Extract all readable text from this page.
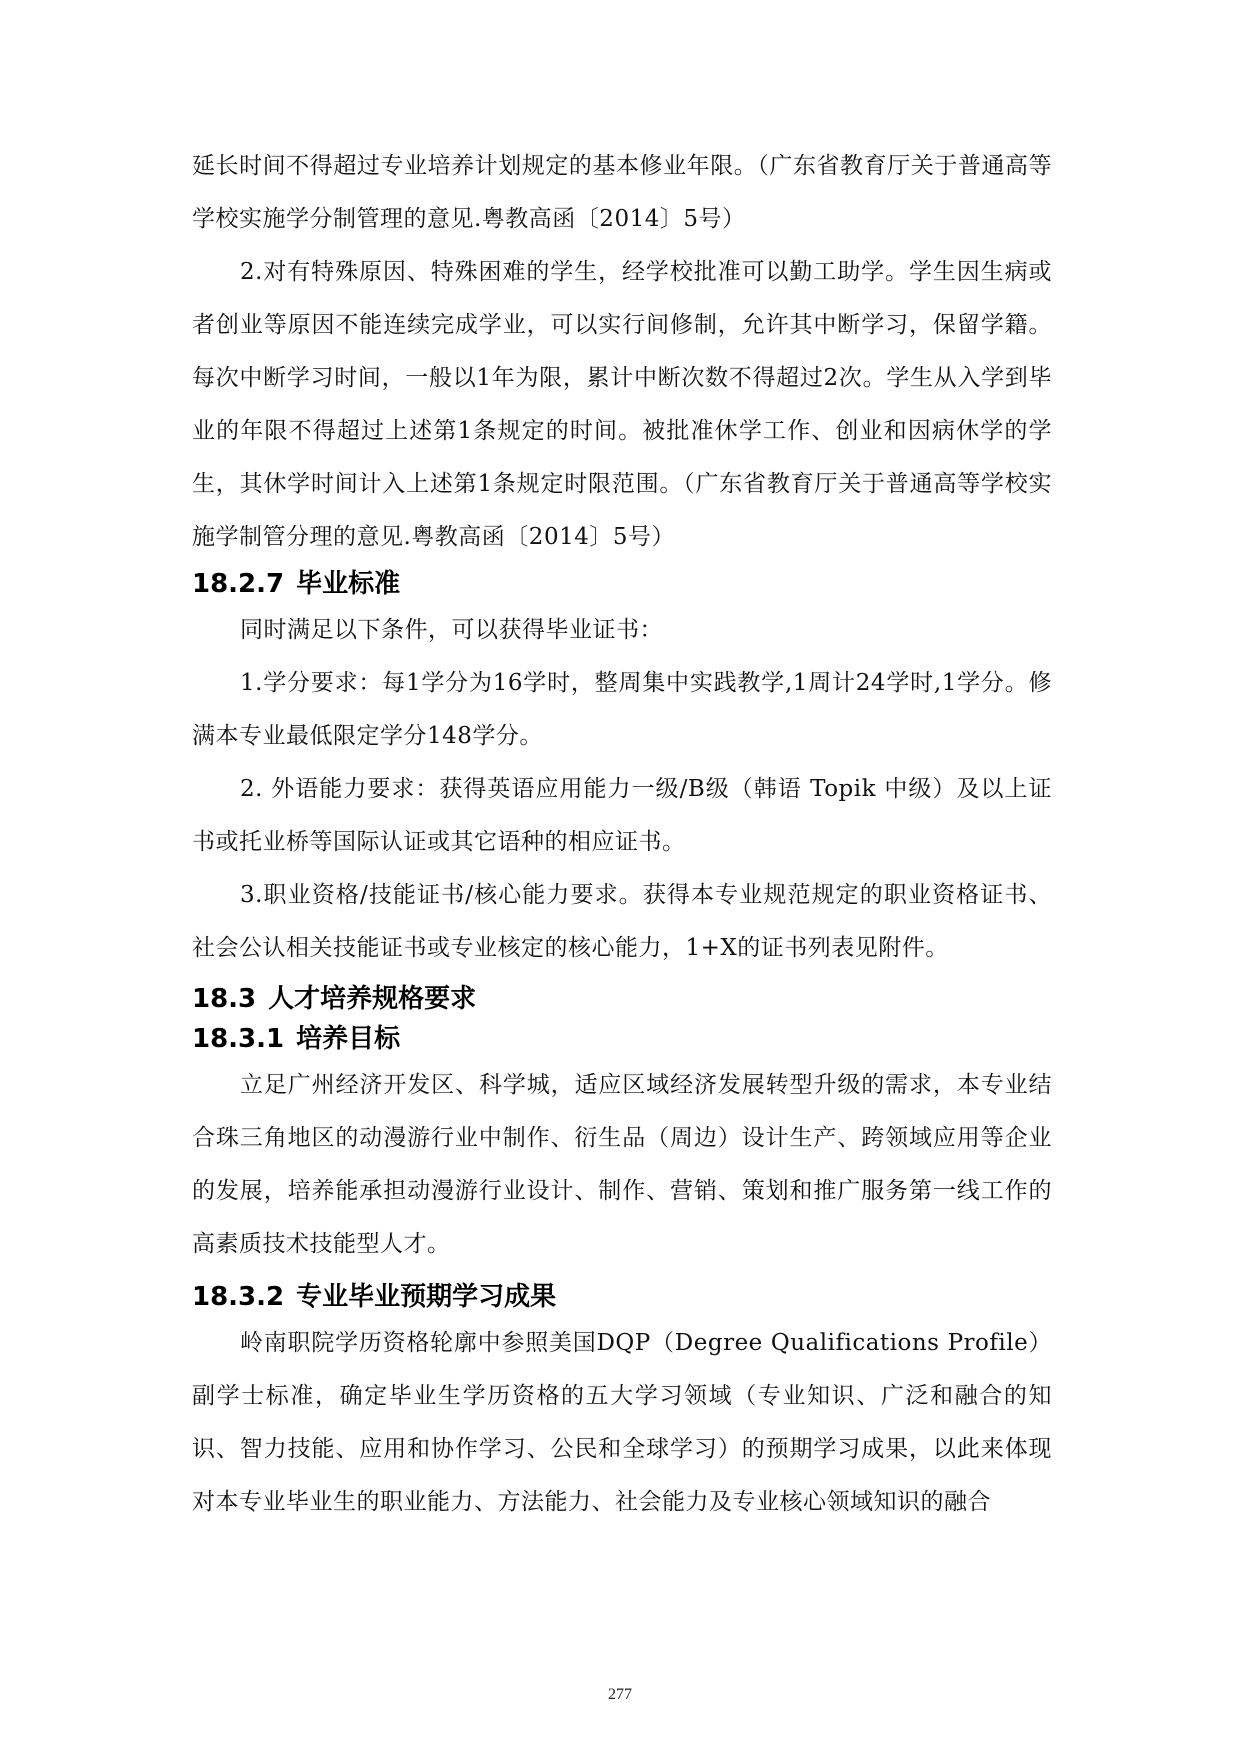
延长时间不得超过专业培养计划规定的基本修业年限。（广东省教育厅关于普通高等学校实施学分制管理的意见.粤教高函〔2014〕5号）

2.对有特殊原因、特殊困难的学生，经学校批准可以勤工助学。学生因生病或者创业等原因不能连续完成学业，可以实行间修制，允许其中断学习，保留学籍。每次中断学习时间，一般以1年为限，累计中断次数不得超过2次。学生从入学到毕业的年限不得超过上述第1条规定的时间。被批准休学工作、创业和因病休学的学生，其休学时间计入上述第1条规定时限范围。（广东省教育厅关于普通高等学校实施学制管分理的意见.粤教高函〔2014〕5号）

18.2.7 毕业标准

同时满足以下条件，可以获得毕业证书：

1.学分要求：每1学分为16学时，整周集中实践教学,1周计24学时,1学分。修满本专业最低限定学分148学分。

2. 外语能力要求：获得英语应用能力一级/B级（韩语 Topik 中级）及以上证书或托业桥等国际认证或其它语种的相应证书。

3.职业资格/技能证书/核心能力要求。获得本专业规范规定的职业资格证书、社会公认相关技能证书或专业核定的核心能力，1+X的证书列表见附件。

18.3 人才培养规格要求
18.3.1 培养目标

立足广州经济开发区、科学城，适应区域经济发展转型升级的需求，本专业结合珠三角地区的动漫游行业中制作、衍生品（周边）设计生产、跨领域应用等企业的发展，培养能承担动漫游行业设计、制作、营销、策划和推广服务第一线工作的高素质技术技能型人才。

18.3.2 专业毕业预期学习成果

岭南职院学历资格轮廓中参照美国DQP（Degree Qualifications Profile）副学士标准，确定毕业生学历资格的五大学习领域（专业知识、广泛和融合的知识、智力技能、应用和协作学习、公民和全球学习）的预期学习成果，以此来体现对本专业毕业生的职业能力、方法能力、社会能力及专业核心领域知识的融合

277
